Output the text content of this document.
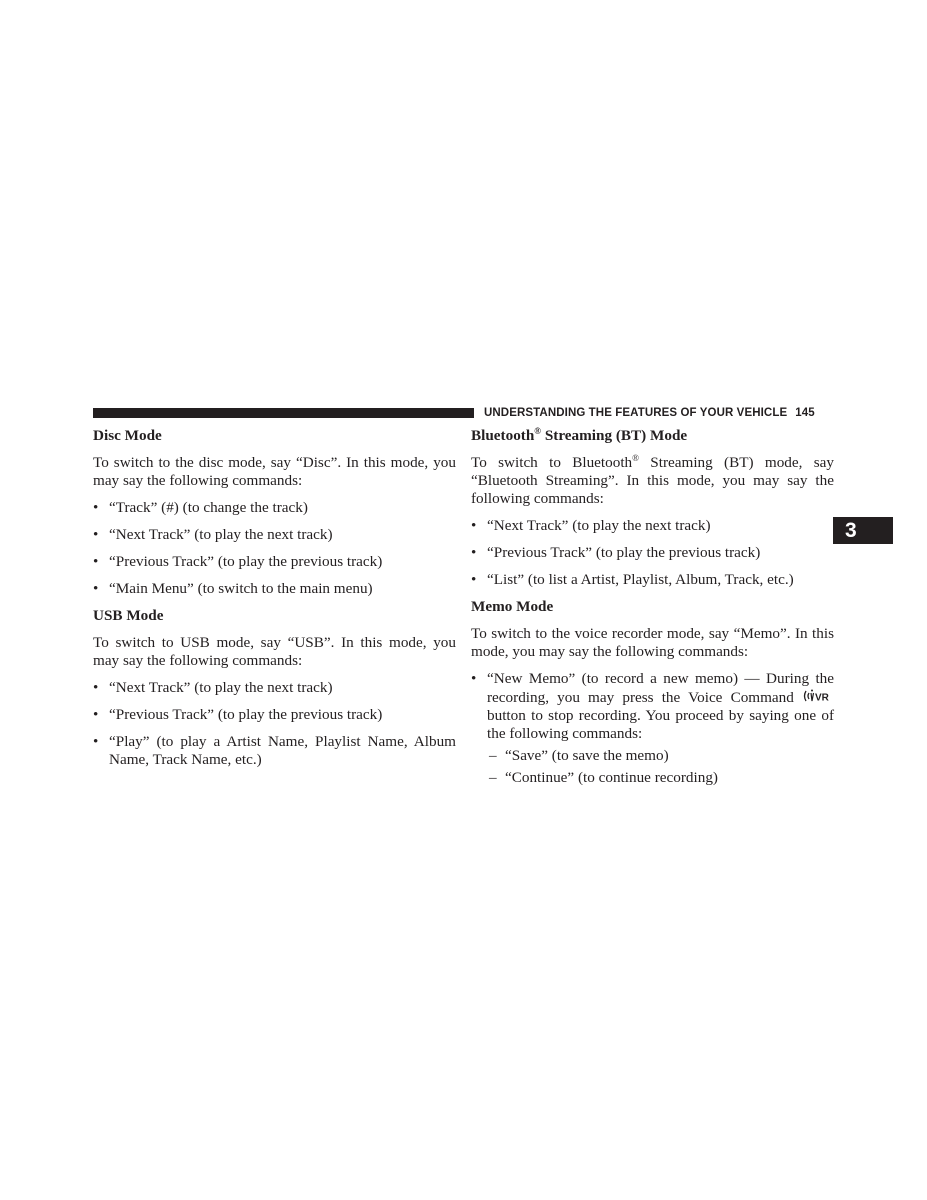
UNDERSTANDING THE FEATURES OF YOUR VEHICLE 145
3
Disc Mode

To switch to the disc mode, say “Disc”. In this mode, you may say the following commands:

• “Track” (#) (to change the track)
• “Next Track” (to play the next track)
• “Previous Track” (to play the previous track)
• “Main Menu” (to switch to the main menu)
USB Mode

To switch to USB mode, say “USB”. In this mode, you may say the following commands:

• “Next Track” (to play the next track)
• “Previous Track” (to play the previous track)
• “Play” (to play a Artist Name, Playlist Name, Album Name, Track Name, etc.)
Bluetooth® Streaming (BT) Mode

To switch to Bluetooth® Streaming (BT) mode, say “Bluetooth Streaming”. In this mode, you may say the following commands:

• “Next Track” (to play the next track)
• “Previous Track” (to play the previous track)
• “List” (to list a Artist, Playlist, Album, Track, etc.)
Memo Mode

To switch to the voice recorder mode, say “Memo”. In this mode, you may say the following commands:

• “New Memo” (to record a new memo) — During the recording, you may press the Voice Command VR
button to stop recording. You proceed by saying one of the following commands:
– “Save” (to save the memo)
– “Continue” (to continue recording)
